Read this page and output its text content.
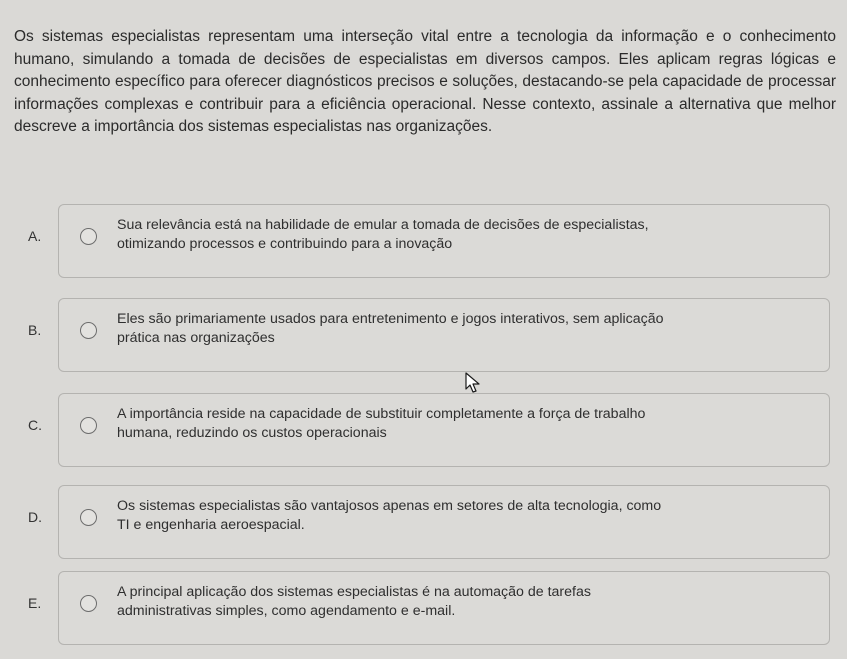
Os sistemas especialistas representam uma interseção vital entre a tecnologia da informação e o conhecimento humano, simulando a tomada de decisões de especialistas em diversos campos. Eles aplicam regras lógicas e conhecimento específico para oferecer diagnósticos precisos e soluções, destacando-se pela capacidade de processar informações complexas e contribuir para a eficiência operacional. Nesse contexto, assinale a alternativa que melhor descreve a importância dos sistemas especialistas nas organizações.
A.
Sua relevância está na habilidade de emular a tomada de decisões de especialistas,
otimizando processos e contribuindo para a inovação
B.
Eles são primariamente usados para entretenimento e jogos interativos, sem aplicação
prática nas organizações
C.
A importância reside na capacidade de substituir completamente a força de trabalho
humana, reduzindo os custos operacionais
D.
Os sistemas especialistas são vantajosos apenas em setores de alta tecnologia, como
TI e engenharia aeroespacial.
E.
A principal aplicação dos sistemas especialistas é na automação de tarefas
administrativas simples, como agendamento e e-mail.
